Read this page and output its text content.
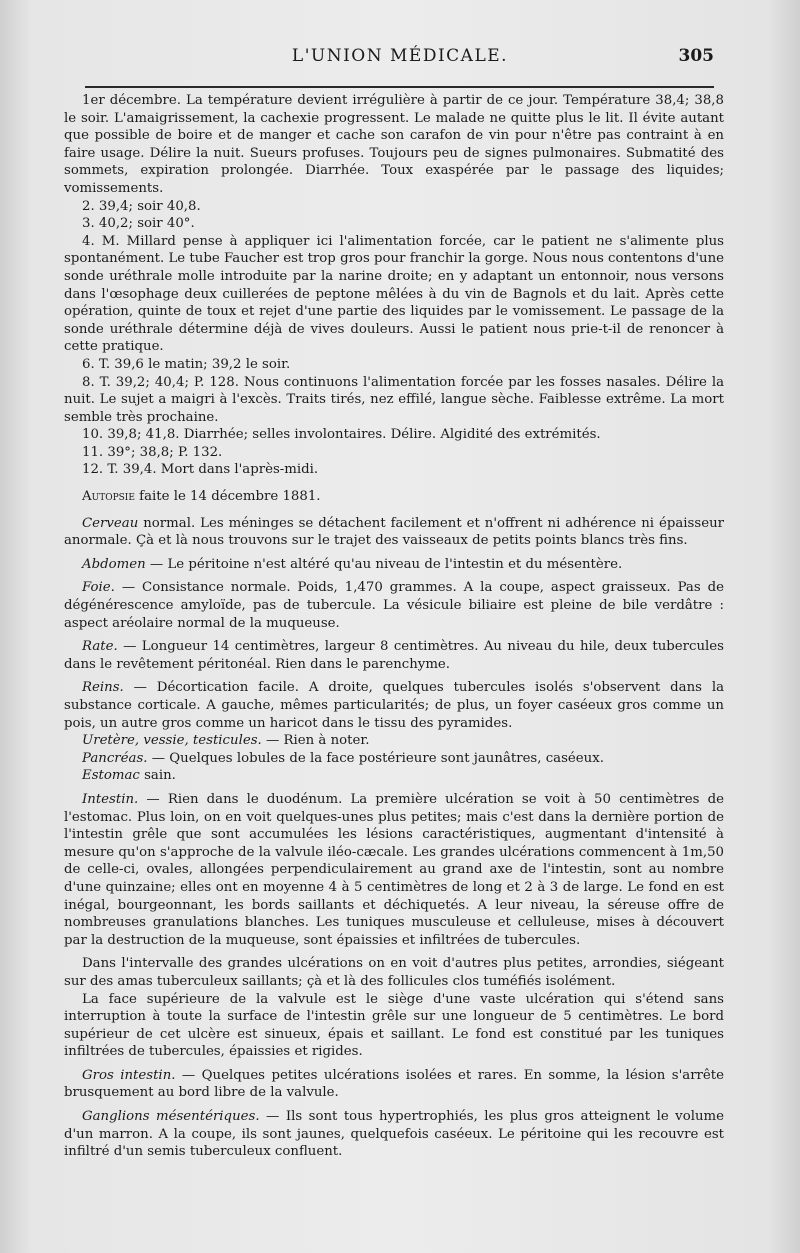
L'UNION MÉDICALE.	305

1er décembre. La température devient irrégulière à partir de ce jour. Température 38,4; 38,8 le soir. L'amaigrissement, la cachexie progressent. Le malade ne quitte plus le lit. Il évite autant que possible de boire et de manger et cache son carafon de vin pour n'être pas contraint à en faire usage. Délire la nuit. Sueurs profuses. Toujours peu de signes pulmonaires. Submatité des sommets, expiration prolongée. Diarrhée. Toux exaspérée par le passage des liquides; vomissements.

2. 39,4; soir 40,8.

3. 40,2; soir 40°.

4. M. Millard pense à appliquer ici l'alimentation forcée, car le patient ne s'alimente plus spontanément. Le tube Faucher est trop gros pour franchir la gorge. Nous nous contentons d'une sonde uréthrale molle introduite par la narine droite; en y adaptant un entonnoir, nous versons dans l'œsophage deux cuillerées de peptone mêlées à du vin de Bagnols et du lait. Après cette opération, quinte de toux et rejet d'une partie des liquides par le vomissement. Le passage de la sonde uréthrale détermine déjà de vives douleurs. Aussi le patient nous prie-t-il de renoncer à cette pratique.

6. T. 39,6 le matin; 39,2 le soir.

8. T. 39,2; 40,4; P. 128. Nous continuons l'alimentation forcée par les fosses nasales. Délire la nuit. Le sujet a maigri à l'excès. Traits tirés, nez effilé, langue sèche. Faiblesse extrême. La mort semble très prochaine.

10. 39,8; 41,8. Diarrhée; selles involontaires. Délire. Algidité des extrémités.

11. 39°; 38,8; P. 132.

12. T. 39,4. Mort dans l'après-midi.

Autopsie faite le 14 décembre 1881.

Cerveau normal. Les méninges se détachent facilement et n'offrent ni adhérence ni épaisseur anormale. Çà et là nous trouvons sur le trajet des vaisseaux de petits points blancs très fins.

Abdomen — Le péritoine n'est altéré qu'au niveau de l'intestin et du mésentère.

Foie. — Consistance normale. Poids, 1,470 grammes. A la coupe, aspect graisseux. Pas de dégénérescence amyloïde, pas de tubercule. La vésicule biliaire est pleine de bile verdâtre : aspect aréolaire normal de la muqueuse.

Rate. — Longueur 14 centimètres, largeur 8 centimètres. Au niveau du hile, deux tubercules dans le revêtement péritonéal. Rien dans le parenchyme.

Reins. — Décortication facile. A droite, quelques tubercules isolés s'observent dans la substance corticale. A gauche, mêmes particularités; de plus, un foyer caséeux gros comme un pois, un autre gros comme un haricot dans le tissu des pyramides.

Uretère, vessie, testicules. — Rien à noter.

Pancréas. — Quelques lobules de la face postérieure sont jaunâtres, caséeux.

Estomac sain.

Intestin. — Rien dans le duodénum. La première ulcération se voit à 50 centimètres de l'estomac. Plus loin, on en voit quelques-unes plus petites; mais c'est dans la dernière portion de l'intestin grêle que sont accumulées les lésions caractéristiques, augmentant d'intensité à mesure qu'on s'approche de la valvule iléo-cæcale. Les grandes ulcérations commencent à 1m,50 de celle-ci, ovales, allongées perpendiculairement au grand axe de l'intestin, sont au nombre d'une quinzaine; elles ont en moyenne 4 à 5 centimètres de long et 2 à 3 de large. Le fond en est inégal, bourgeonnant, les bords saillants et déchiquetés. A leur niveau, la séreuse offre de nombreuses granulations blanches. Les tuniques musculeuse et celluleuse, mises à découvert par la destruction de la muqueuse, sont épaissies et infiltrées de tubercules.

Dans l'intervalle des grandes ulcérations on en voit d'autres plus petites, arrondies, siégeant sur des amas tuberculeux saillants; çà et là des follicules clos tuméfiés isolément.

La face supérieure de la valvule est le siège d'une vaste ulcération qui s'étend sans interruption à toute la surface de l'intestin grêle sur une longueur de 5 centimètres. Le bord supérieur de cet ulcère est sinueux, épais et saillant. Le fond est constitué par les tuniques infiltrées de tubercules, épaissies et rigides.

Gros intestin. — Quelques petites ulcérations isolées et rares. En somme, la lésion s'arrête brusquement au bord libre de la valvule.

Ganglions mésentériques. — Ils sont tous hypertrophiés, les plus gros atteignent le volume d'un marron. A la coupe, ils sont jaunes, quelquefois caséeux. Le péritoine qui les recouvre est infiltré d'un semis tuberculeux confluent.
